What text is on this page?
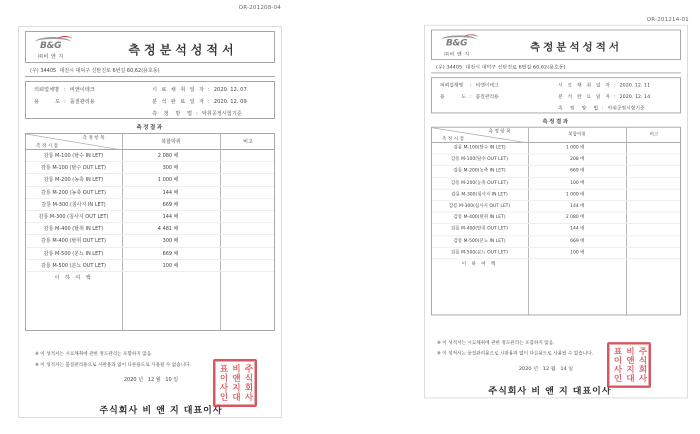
OR-201208-04
B&G
㈜비 앤 지	측정분석성적서
(우) 34405  대전시 대덕구 신탄진로 6번길 60,62(용호동)
의뢰업체명 : 비앤이테크
용 도 : 품질관리용
시 료 채 취 일 자 : 2020. 12. 07
분 석 완 료 일 자 : 2020. 12. 09
측 정 방 법 : 악취공정시험기준
측정결과
측정항목
측정시점
복합악취	비고
감룡 M-100 (탈수 IN LET)	2 080 배
감룡 M-100 (탈수 OUT LET)	300 배
감룡 M-200 (농축 IN LET)	1 000 배
감룡 M-200 (농축 OUT LET)	144 배
감룡 M-300 (침사지 IN LET)	669 배
감룡 M-300 (침사지 OUT LET)	144 배
감룡 M-400 (탈취 IN LET)	4 481 배
감룡 M-400 (탈취 OUT LET)	300 배
감룡 M-500 (분뇨 IN LET)	669 배
감룡 M-500 (분뇨 OUT LET)	100 배
이 하 여 백
※ 이 성적서는 시료채취에 관한 정도관리는 포함하지 않음.
※ 이 성적서는 품질관리용으로 시판용과 없이 다른용도로 사용될 수 없습니다.
2020 년   12 월   10 일
주식회사 비 앤 지 대표이사
주식회사비앤지대표이사인
OR-201214-01
B&G
㈜비 앤 지
측정분석성적서
(우) 34405  대전시 대덕구 신탄진로 6번길 60,62(용호동)
의뢰업체명 : 비앤이테크
용 도 : 품질관리용
시 료 채 취 일 자 : 2020. 12. 11
분 석 완 료 일 자 : 2020. 12. 14
측 정 방 법 : 악취공정시험기준
측정결과
측정항목
측정시점
복합악취	비고
감룡 M-100(탈수 IN LET)	1 000 배
감룡 M-100(탈수 OUT LET)	208 배
감룡 M-200(농축 IN LET)	669 배
감룡 M-200(농축 OUT LET)	100 배
감룡 M-300(침사지 IN LET)	1 000 배
감룡 M-300(침사지 OUT LET)	144 배
감룡 M-400(탈취 IN LET)	2 080 배
감룡 M-400(탈취 OUT LET)	144 배
감룡 M-500(분뇨 IN LET)	669 배
감룡 M-500(분뇨 OUT LET)	100 배
이 하 여 백
※ 이 성적서는 시료채취에 관한 정도관리는 포함하지 않음.
※ 이 성적서는 품질관리용으로 시판용과 없이 다른용도로 사용될 수 없습니다.
2020 년   12 월   14 일
주식회사 비 앤 지 대표이사
주식회사비앤지대표이사인
